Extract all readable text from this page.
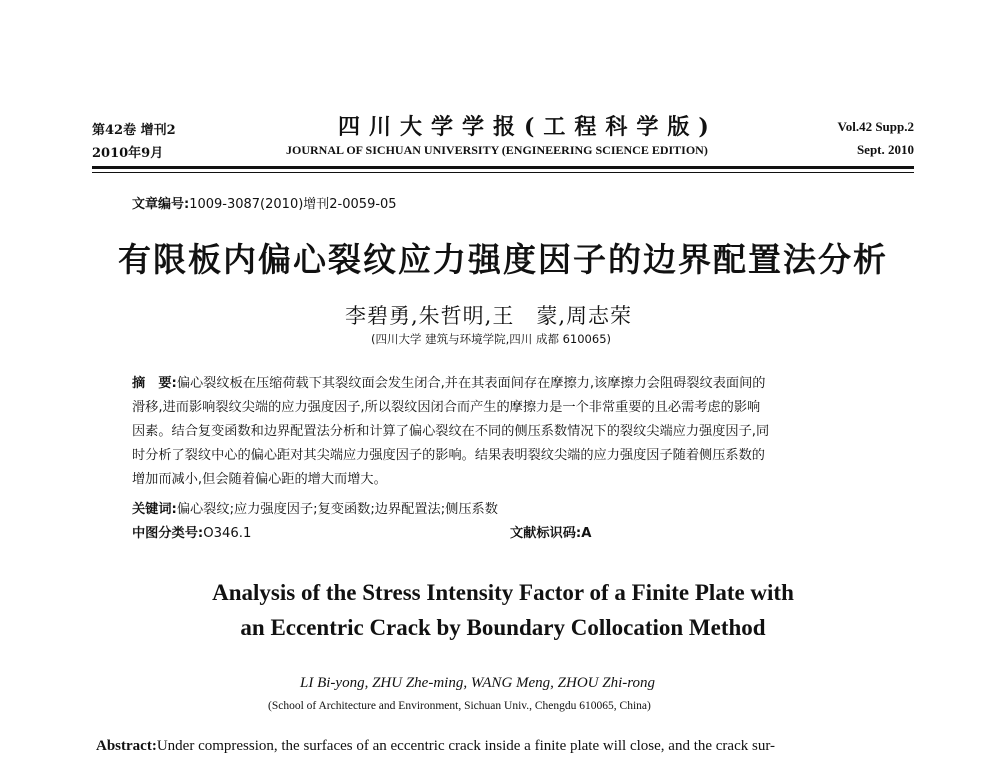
第42卷 增刊2
2010年9月
四川大学学报(工程科学版)
JOURNAL OF SICHUAN UNIVERSITY (ENGINEERING SCIENCE EDITION)
Vol.42 Supp.2
Sept. 2010
文章编号:1009-3087(2010)增刊2-0059-05
有限板内偏心裂纹应力强度因子的边界配置法分析
李碧勇,朱哲明,王　蒙,周志荣
(四川大学 建筑与环境学院,四川 成都 610065)
摘　要:偏心裂纹板在压缩荷载下其裂纹面会发生闭合,并在其表面间存在摩擦力,该摩擦力会阻碍裂纹表面间的
滑移,进而影响裂纹尖端的应力强度因子,所以裂纹因闭合而产生的摩擦力是一个非常重要的且必需考虑的影响
因素。结合复变函数和边界配置法分析和计算了偏心裂纹在不同的侧压系数情况下的裂纹尖端应力强度因子,同
时分析了裂纹中心的偏心距对其尖端应力强度因子的影响。结果表明裂纹尖端的应力强度因子随着侧压系数的
增加而减小,但会随着偏心距的增大而增大。
关键词:偏心裂纹;应力强度因子;复变函数;边界配置法;侧压系数
中图分类号:O346.1	文献标识码:A
Analysis of the Stress Intensity Factor of a Finite Plate with
an Eccentric Crack by Boundary Collocation Method
LI Bi-yong, ZHU Zhe-ming, WANG Meng, ZHOU Zhi-rong
(School of Architecture and Environment, Sichuan Univ., Chengdu 610065, China)
Abstract:Under compression, the surfaces of an eccentric crack inside a finite plate will close, and the crack sur-
